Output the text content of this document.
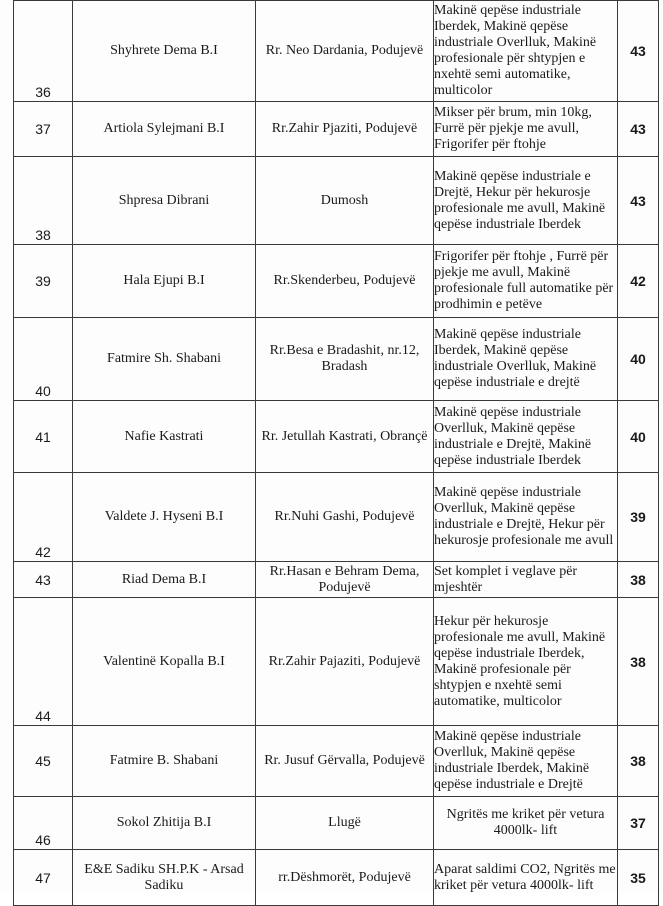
36	Shyhrete Dema B.I	Rr. Neo Dardania, Podujevë	Makinë qepëse industriale Iberdek, Makinë qepëse industriale Overlluk, Makinë profesionale për shtypjen e nxehtë semi automatike, multicolor	43
37	Artiola Sylejmani B.I	Rr.Zahir Pjaziti, Podujevë	Mikser për brum, min 10kg, Furrë për pjekje me avull, Frigorifer për ftohje	43
38	Shpresa Dibrani	Dumosh	Makinë qepëse industriale e Drejtë, Hekur për hekurosje profesionale me avull, Makinë qepëse industriale Iberdek	43
39	Hala Ejupi B.I	Rr.Skenderbeu, Podujevë	Frigorifer për ftohje , Furrë për pjekje me avull, Makinë profesionale full automatike për prodhimin e petëve	42
40	Fatmire Sh. Shabani	Rr.Besa e Bradashit, nr.12, Bradash	Makinë qepëse industriale Iberdek, Makinë qepëse industriale Overlluk, Makinë qepëse industriale e drejtë	40
41	Nafie Kastrati	Rr. Jetullah Kastrati, Obrançë	Makinë qepëse industriale Overlluk, Makinë qepëse industriale e Drejtë, Makinë qepëse industriale Iberdek	40
42	Valdete J. Hyseni B.I	Rr.Nuhi Gashi, Podujevë	Makinë qepëse industriale Overlluk, Makinë qepëse industriale e Drejtë, Hekur për hekurosje profesionale me avull	39
43	Riad Dema B.I	Rr.Hasan e Behram Dema, Podujevë	Set komplet i veglave për mjeshtër	38
44	Valentinë Kopalla B.I	Rr.Zahir Pajaziti, Podujevë	Hekur për hekurosje profesionale me avull, Makinë qepëse industriale Iberdek, Makinë profesionale për shtypjen e nxehtë semi automatike, multicolor	38
45	Fatmire B. Shabani	Rr. Jusuf Gërvalla, Podujevë	Makinë qepëse industriale Overlluk, Makinë qepëse industriale Iberdek, Makinë qepëse industriale e Drejtë	38
46	Sokol Zhitija B.I	Llugë	Ngritës me kriket për vetura 4000lk- lift	37
47	E&E Sadiku SH.P.K - Arsad Sadiku	rr.Dëshmorët, Podujevë	Aparat saldimi CO2, Ngritës me kriket për vetura 4000lk- lift	35
